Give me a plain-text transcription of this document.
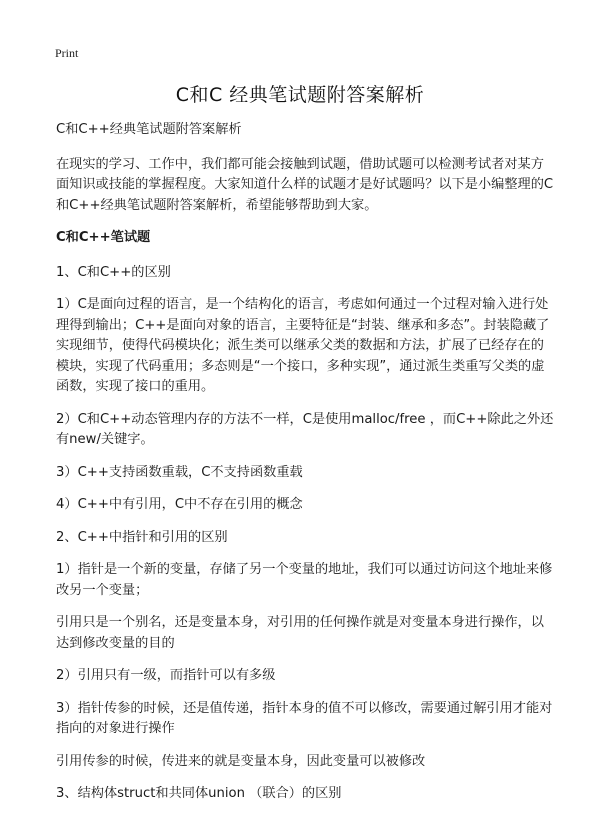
Print
C和C 经典笔试题附答案解析

C和C++经典笔试题附答案解析

在现实的学习、工作中，我们都可能会接触到试题，借助试题可以检测考试者对某方面知识或技能的掌握程度。大家知道什么样的试题才是好试题吗？以下是小编整理的C和C++经典笔试题附答案解析，希望能够帮助到大家。

C和C++笔试题

1、C和C++的区别

1）C是面向过程的语言，是一个结构化的语言，考虑如何通过一个过程对输入进行处理得到输出；C++是面向对象的语言，主要特征是“封装、继承和多态”。封装隐藏了实现细节，使得代码模块化；派生类可以继承父类的数据和方法，扩展了已经存在的模块，实现了代码重用；多态则是“一个接口，多种实现”，通过派生类重写父类的虚函数，实现了接口的重用。

2）C和C++动态管理内存的方法不一样，C是使用malloc/free ，而C++除此之外还有new/关键字。

3）C++支持函数重载，C不支持函数重载

4）C++中有引用，C中不存在引用的概念

2、C++中指针和引用的区别

1）指针是一个新的变量，存储了另一个变量的地址，我们可以通过访问这个地址来修改另一个变量；

引用只是一个别名，还是变量本身，对引用的任何操作就是对变量本身进行操作，以达到修改变量的目的

2）引用只有一级，而指针可以有多级

3）指针传参的时候，还是值传递，指针本身的值不可以修改，需要通过解引用才能对指向的对象进行操作

引用传参的时候，传进来的就是变量本身，因此变量可以被修改

3、结构体struct和共同体union （联合）的区别
